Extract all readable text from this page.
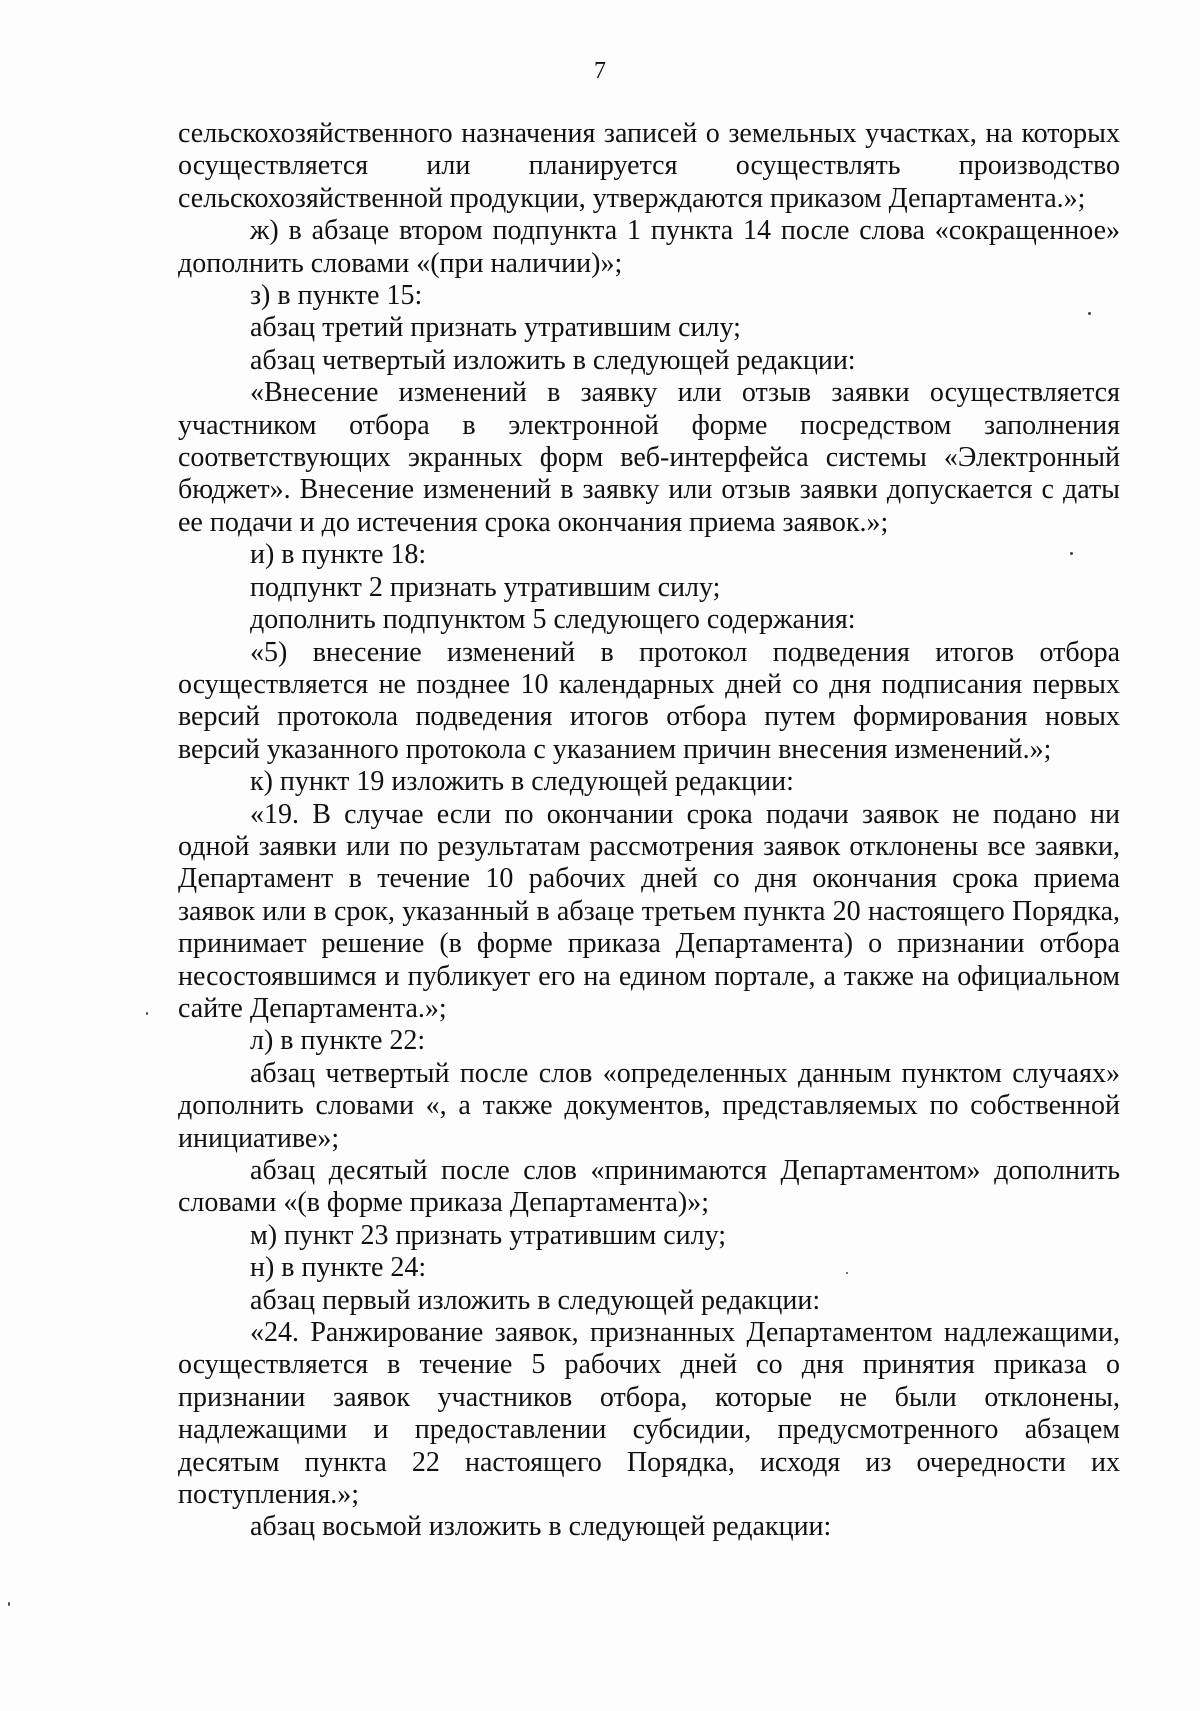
7

сельскохозяйственного назначения записей о земельных участках, на которых осуществляется или планируется осуществлять производство сельскохозяйственной продукции, утверждаются приказом Департамента.»;

ж) в абзаце втором подпункта 1 пункта 14 после слова «сокращенное» дополнить словами «(при наличии)»;

з) в пункте 15:

абзац третий признать утратившим силу;

абзац четвертый изложить в следующей редакции:

«Внесение изменений в заявку или отзыв заявки осуществляется участником отбора в электронной форме посредством заполнения соответствующих экранных форм веб-интерфейса системы «Электронный бюджет». Внесение изменений в заявку или отзыв заявки допускается с даты ее подачи и до истечения срока окончания приема заявок.»;

и) в пункте 18:

подпункт 2 признать утратившим силу;

дополнить подпунктом 5 следующего содержания:

«5) внесение изменений в протокол подведения итогов отбора осуществляется не позднее 10 календарных дней со дня подписания первых версий протокола подведения итогов отбора путем формирования новых версий указанного протокола с указанием причин внесения изменений.»;

к) пункт 19 изложить в следующей редакции:

«19. В случае если по окончании срока подачи заявок не подано ни одной заявки или по результатам рассмотрения заявок отклонены все заявки, Департамент в течение 10 рабочих дней со дня окончания срока приема заявок или в срок, указанный в абзаце третьем пункта 20 настоящего Порядка, принимает решение (в форме приказа Департамента) о признании отбора несостоявшимся и публикует его на едином портале, а также на официальном сайте Департамента.»;

л) в пункте 22:

абзац четвертый после слов «определенных данным пунктом случаях» дополнить словами «, а также документов, представляемых по собственной инициативе»;

абзац десятый после слов «принимаются Департаментом» дополнить словами «(в форме приказа Департамента)»;

м) пункт 23 признать утратившим силу;

н) в пункте 24:

абзац первый изложить в следующей редакции:

«24. Ранжирование заявок, признанных Департаментом надлежащими, осуществляется в течение 5 рабочих дней со дня принятия приказа о признании заявок участников отбора, которые не были отклонены, надлежащими и предоставлении субсидии, предусмотренного абзацем десятым пункта 22 настоящего Порядка, исходя из очередности их поступления.»;

абзац восьмой изложить в следующей редакции:
